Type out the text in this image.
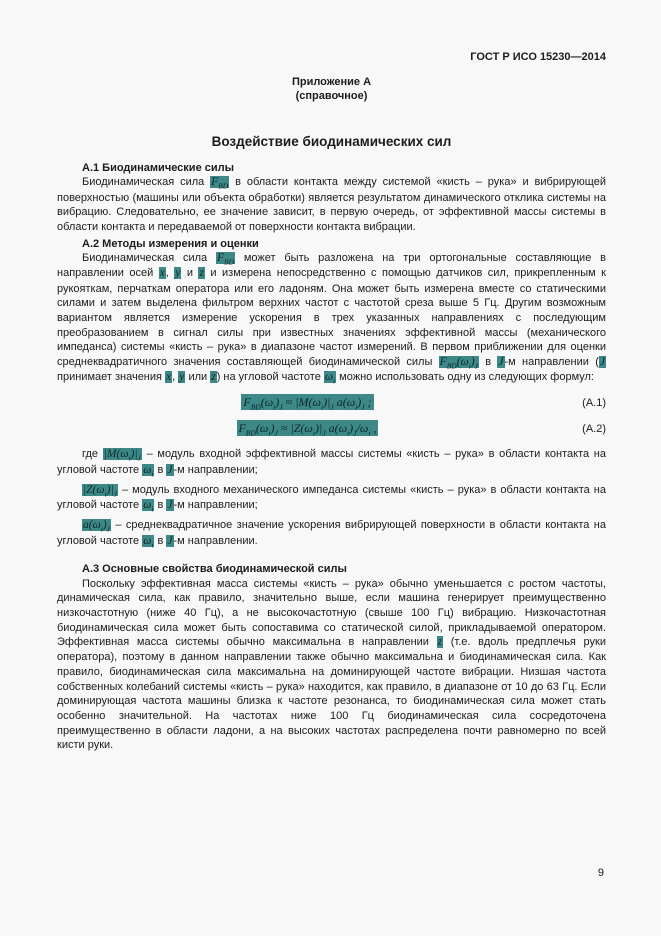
ГОСТ Р ИСО 15230—2014
Приложение А
(справочное)
Воздействие биодинамических сил

А.1 Биодинамические силы

Биодинамическая сила $F_{BD}$ в области контакта между системой «кисть – рука» и вибрирующей поверхностью (машины или объекта обработки) является результатом динамического отклика системы на вибрацию. Следовательно, ее значение зависит, в первую очередь, от эффективной массы системы в области контакта и передаваемой от поверхности контакта вибрации.

А.2 Методы измерения и оценки

Биодинамическая сила $F_{BD}$ может быть разложена на три ортогональные составляющие в направлении осей x, y и z и измерена непосредственно с помощью датчиков сил, прикрепленным к рукояткам, перчаткам оператора или его ладоням. Она может быть измерена вместе со статическими силами и затем выделена фильтром верхних частот с частотой среза выше 5 Гц. Другим возможным вариантом является измерение ускорения в трех указанных направлениях с последующим преобразованием в сигнал силы при известных значениях эффективной массы (механического импеданса) системы «кисть – рука» в диапазоне частот измерений. В первом приближении для оценки среднеквадратичного значения составляющей биодинамической силы $F_{BD}(\omega_i)_J$ в J-м направлении (J принимает значения x, y или z) на угловой частоте $\omega_i$ можно использовать одну из следующих формул:

$F_{BD}(\omega_i)_J \approx |M(\omega_i)|_J$ $a(\omega_i)_J$ ;	(А.1)
$F_{BD}(\omega_i)_J \approx |Z(\omega_i)|_J$ $a(\omega_i)_J/\omega_i$ ,	(А.2)

где $|M(\omega_i)|_J$ – модуль входной эффективной массы системы «кисть – рука» в области контакта на угловой частоте $\omega_i$ в J-м направлении;

$|Z(\omega_i)|_J$ – модуль входного механического импеданса системы «кисть – рука» в области контакта на угловой частоте $\omega_i$ в J-м направлении;

$a(\omega_i)_J$ – среднеквадратичное значение ускорения вибрирующей поверхности в области контакта на угловой частоте $\omega_i$ в J-м направлении.

А.3 Основные свойства биодинамической силы

Поскольку эффективная масса системы «кисть – рука» обычно уменьшается с ростом частоты, динамическая сила, как правило, значительно выше, если машина генерирует преимущественно низкочастотную (ниже 40 Гц), а не высокочастотную (свыше 100 Гц) вибрацию. Низкочастотная биодинамическая сила может быть сопоставима со статической силой, прикладываемой оператором. Эффективная масса системы обычно максимальна в направлении z (т.е. вдоль предплечья руки оператора), поэтому в данном направлении также обычно максимальна и биодинамическая сила. Как правило, биодинамическая сила максимальна на доминирующей частоте вибрации. Низшая частота собственных колебаний системы «кисть – рука» находится, как правило, в диапазоне от 10 до 63 Гц. Если доминирующая частота машины близка к частоте резонанса, то биодинамическая сила может стать особенно значительной. На частотах ниже 100 Гц биодинамическая сила сосредоточена преимущественно в области ладони, а на высоких частотах распределена почти равномерно по всей кисти руки.

9
